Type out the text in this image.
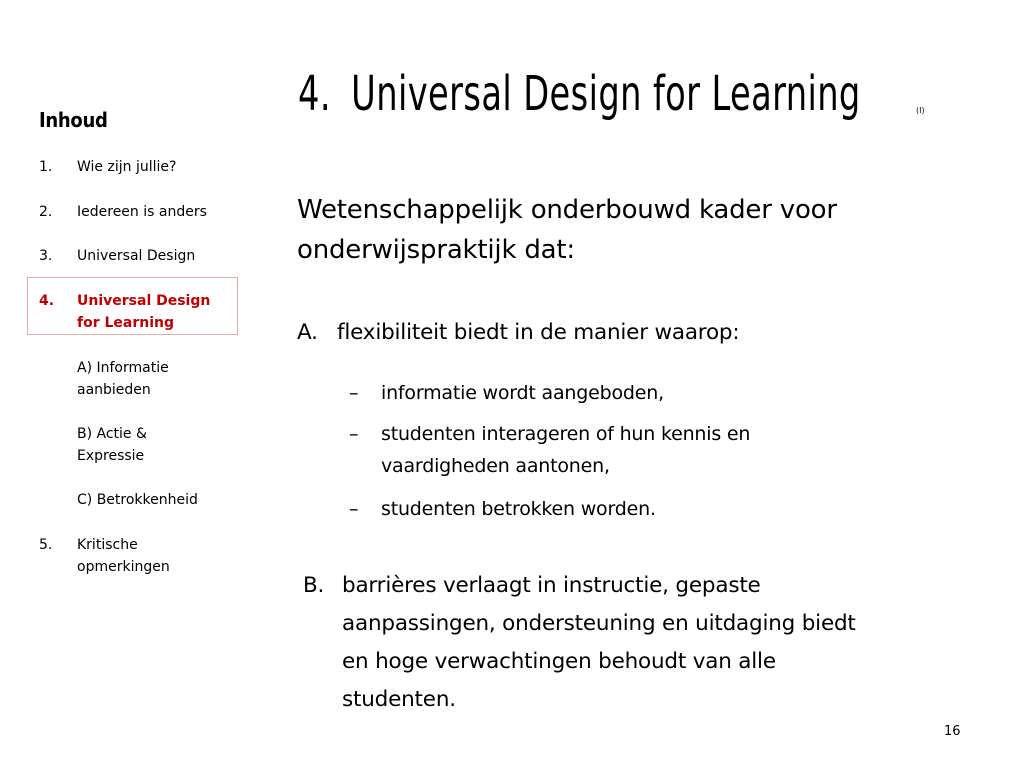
Inhoud
1. Wie zijn jullie?
2. Iedereen is anders
3. Universal Design
4. Universal Design
for Learning
A) Informatie
aanbieden
B) Actie &
Expressie
C) Betrokkenheid
5. Kritische
opmerkingen
4. Universal Design for Learning	(I)
Wetenschappelijk onderbouwd kader voor
onderwijspraktijk dat:
A. flexibiliteit biedt in de manier waarop:
– informatie wordt aangeboden,
– studenten interageren of hun kennis en
vaardigheden aantonen,
– studenten betrokken worden.
B. barrières verlaagt in instructie, gepaste
aanpassingen, ondersteuning en uitdaging biedt
en hoge verwachtingen behoudt van alle
studenten.
16
